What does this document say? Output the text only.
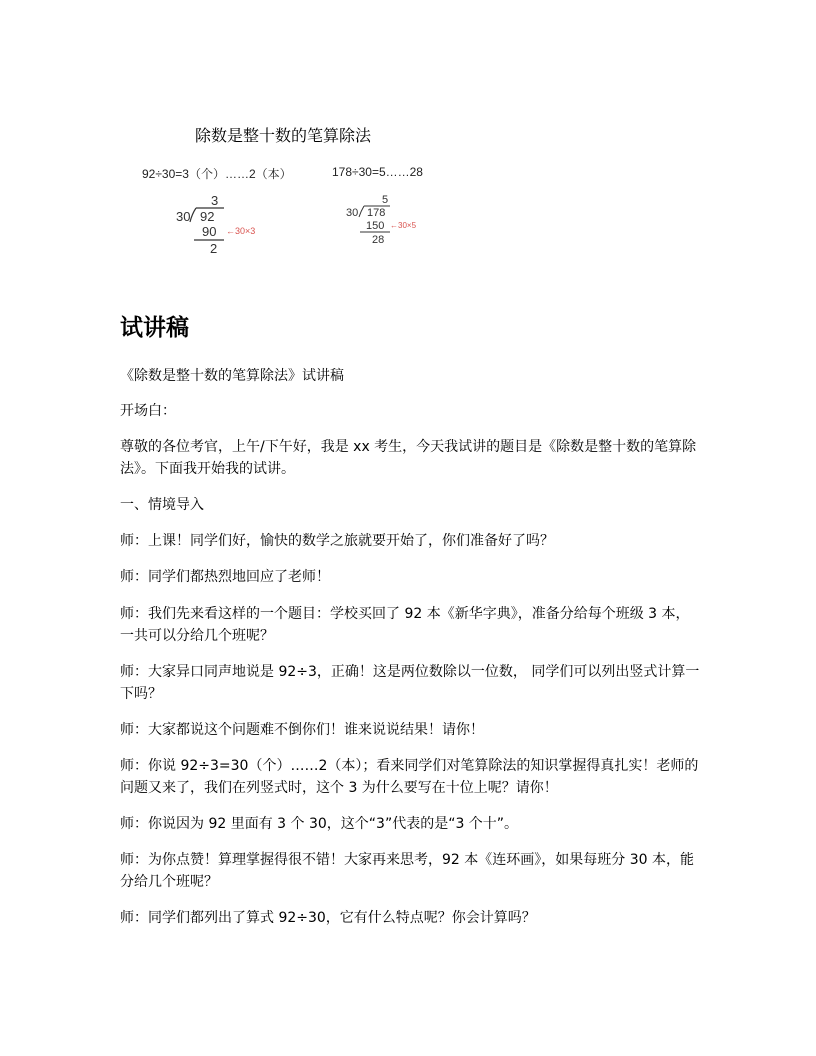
除数是整十数的笔算除法
92÷30=3（个）……2（本）	178÷30=5……28
3
30 92
90
2
←30×3
5
30 178
150
28
←30×5
试讲稿
《除数是整十数的笔算除法》试讲稿
开场白：
尊敬的各位考官，上午/下午好，我是 xx 考生，今天我试讲的题目是《除数是整十数的笔算除法》。下面我开始我的试讲。
一、情境导入
师：上课！同学们好，愉快的数学之旅就要开始了，你们准备好了吗？
师：同学们都热烈地回应了老师！
师：我们先来看这样的一个题目：学校买回了 92 本《新华字典》，准备分给每个班级 3 本，一共可以分给几个班呢？
师：大家异口同声地说是 92÷3，正确！这是两位数除以一位数， 同学们可以列出竖式计算一下吗？
师：大家都说这个问题难不倒你们！谁来说说结果！请你！
师：你说 92÷3=30（个）……2（本）；看来同学们对笔算除法的知识掌握得真扎实！老师的问题又来了，我们在列竖式时，这个 3 为什么要写在十位上呢？请你！
师：你说因为 92 里面有 3 个 30，这个“3”代表的是“3 个十”。
师：为你点赞！算理掌握得很不错！大家再来思考，92 本《连环画》，如果每班分 30 本，能分给几个班呢？
师：同学们都列出了算式 92÷30，它有什么特点呢？你会计算吗？
